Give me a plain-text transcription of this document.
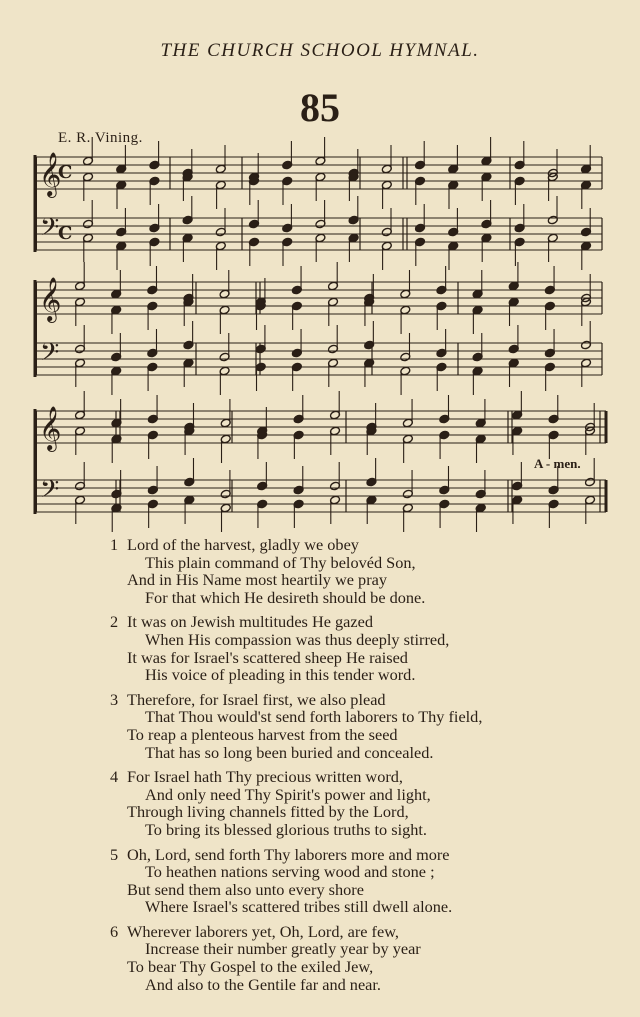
THE CHURCH SCHOOL HYMNAL.
85
E. R. Vining.
𝄞
𝄢
C
C
𝄞
𝄢
𝄞
𝄢
A - men.
1 Lord of the harvest, gladly we obey
This plain command of Thy belovéd Son,
And in His Name most heartily we pray
For that which He desireth should be done.
2 It was on Jewish multitudes He gazed
When His compassion was thus deeply stirred,
It was for Israel's scattered sheep He raised
His voice of pleading in this tender word.
3 Therefore, for Israel first, we also plead
That Thou would'st send forth laborers to Thy field,
To reap a plenteous harvest from the seed
That has so long been buried and concealed.
4 For Israel hath Thy precious written word,
And only need Thy Spirit's power and light,
Through living channels fitted by the Lord,
To bring its blessed glorious truths to sight.
5 Oh, Lord, send forth Thy laborers more and more
To heathen nations serving wood and stone ;
But send them also unto every shore
Where Israel's scattered tribes still dwell alone.
6 Wherever laborers yet, Oh, Lord, are few,
Increase their number greatly year by year
To bear Thy Gospel to the exiled Jew,
And also to the Gentile far and near.
